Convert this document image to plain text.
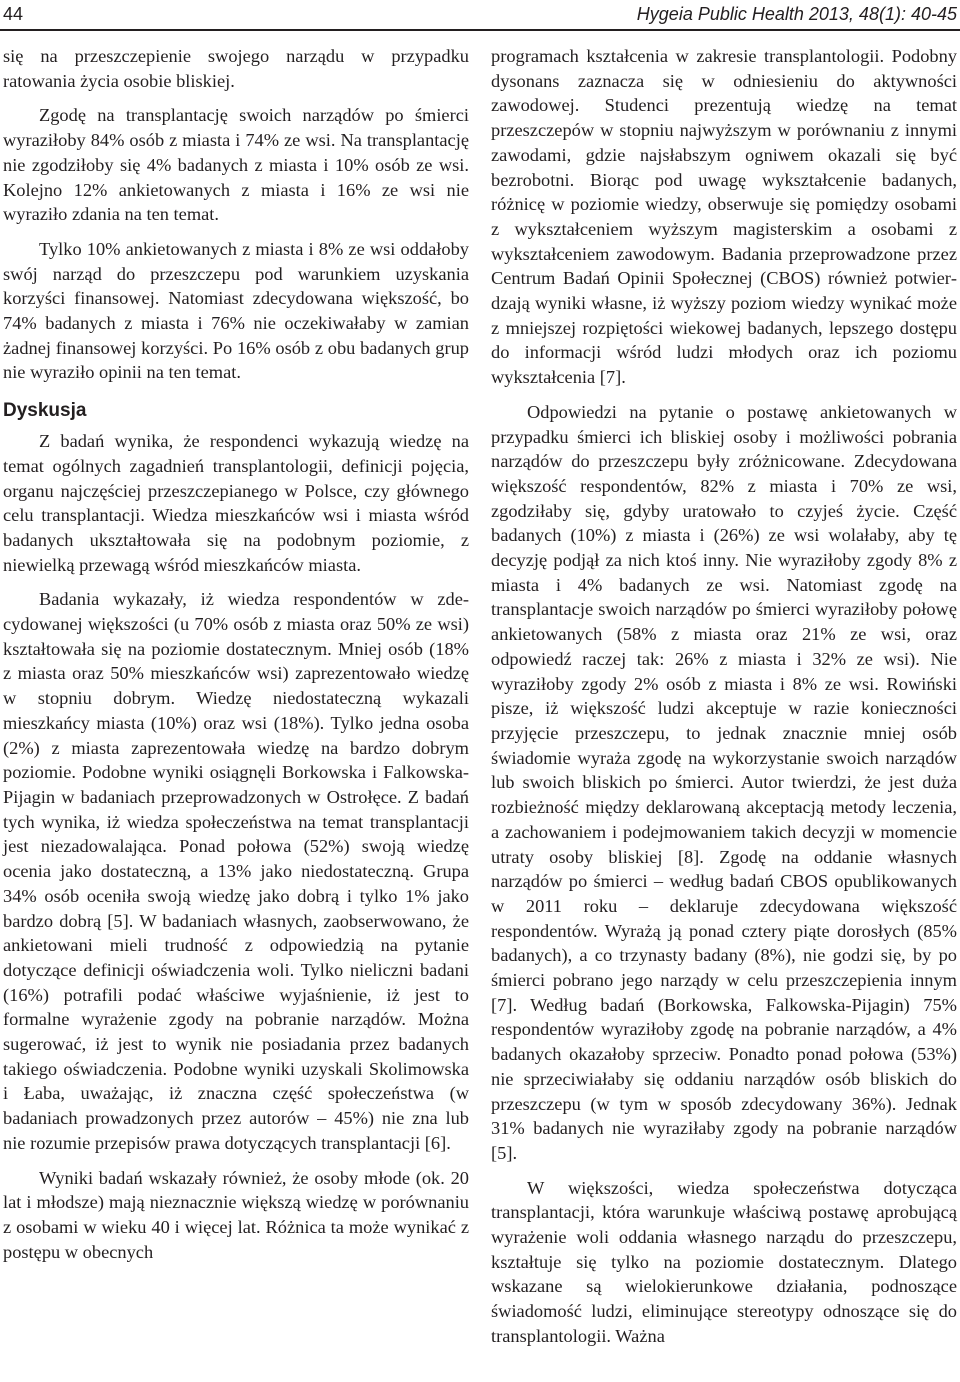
44	Hygeia Public Health 2013, 48(1): 40-45

się na przeszczepienie swojego narządu w przypadku ratowania życia osobie bliskiej.

Zgodę na transplantację swoich narządów po śmierci wyraziłoby 84% osób z miasta i 74% ze wsi. Na transplantację nie zgodziłoby się 4% badanych z miasta i 10% osób ze wsi. Kolejno 12% ankietowanych z miasta i 16% ze wsi nie wyraziło zdania na ten temat.

Tylko 10% ankietowanych z miasta i 8% ze wsi oddałoby swój narząd do przeszczepu pod warunkiem uzyskania korzyści finansowej. Natomiast zdecydowana większość, bo 74% badanych z miasta i 76% nie oczekiwałaby w zamian żadnej finansowej korzyści. Po 16% osób z obu badanych grup nie wyraziło opinii na ten temat.

Dyskusja

Z badań wynika, że respondenci wykazują wiedzę na temat ogólnych zagadnień transplantologii, definicji pojęcia, organu najczęściej przeszczepianego w Polsce, czy głównego celu transplantacji. Wiedza mieszkańców wsi i miasta wśród badanych ukształtowała się na podobnym poziomie, z niewielką przewagą wśród mieszkańców miasta.

Badania wykazały, iż wiedza respondentów w zdecydowanej większości (u 70% osób z miasta oraz 50% ze wsi) kształtowała się na poziomie dostatecznym. Mniej osób (18% z miasta oraz 50% mieszkańców wsi) zaprezentowało wiedzę w stopniu dobrym. Wiedzę niedostateczną wykazali mieszkańcy miasta (10%) oraz wsi (18%). Tylko jedna osoba (2%) z miasta zaprezentowała wiedzę na bardzo dobrym poziomie. Podobne wyniki osiągnęli Borkowska i Falkowska-Pijagin w badaniach przeprowadzonych w Ostrołęce. Z badań tych wynika, iż wiedza społeczeństwa na temat transplantacji jest niezadowalająca. Ponad połowa (52%) swoją wiedzę ocenia jako dostateczną, a 13% jako niedostateczną. Grupa 34% osób oceniła swoją wiedzę jako dobrą i tylko 1% jako bardzo dobrą [5]. W badaniach własnych, zaobserwowano, że ankietowani mieli trudność z odpowiedzią na pytanie dotyczące definicji oświadczenia woli. Tylko nieliczni badani (16%) potrafili podać właściwe wyjaśnienie, iż jest to formalne wyrażenie zgody na pobranie narządów. Można sugerować, iż jest to wynik nie posiadania przez badanych takiego oświadczenia. Podobne wyniki uzyskali Skolimowska i Łaba, uważając, iż znaczna część społeczeństwa (w badaniach prowadzonych przez autorów – 45%) nie zna lub nie rozumie przepisów prawa dotyczących transplantacji [6].

Wyniki badań wskazały również, że osoby młode (ok. 20 lat i młodsze) mają nieznacznie większą wiedzę w porównaniu z osobami w wieku 40 i więcej lat. Różnica ta może wynikać z postępu w obecnych

programach kształcenia w zakresie transplantologii. Podobny dysonans zaznacza się w odniesieniu do aktywności zawodowej. Studenci prezentują wiedzę na temat przeszczepów w stopniu najwyższym w porównaniu z innymi zawodami, gdzie najsłabszym ogniwem okazali się być bezrobotni. Biorąc pod uwagę wykształcenie badanych, różnicę w poziomie wiedzy, obserwuje się pomiędzy osobami z wykształceniem wyższym magisterskim a osobami z wykształceniem zawodowym. Badania przeprowadzone przez Centrum Badań Opinii Społecznej (CBOS) również potwierdzają wyniki własne, iż wyższy poziom wiedzy wynikać może z mniejszej rozpiętości wiekowej badanych, lepszego dostępu do informacji wśród ludzi młodych oraz ich poziomu wykształcenia [7].

Odpowiedzi na pytanie o postawę ankietowanych w przypadku śmierci ich bliskiej osoby i możliwości pobrania narządów do przeszczepu były zróżnicowane. Zdecydowana większość respondentów, 82% z miasta i 70% ze wsi, zgodziłaby się, gdyby uratowało to czyjeś życie. Część badanych (10%) z miasta i (26%) ze wsi wolałaby, aby tę decyzję podjął za nich ktoś inny. Nie wyraziłoby zgody 8% z miasta i 4% badanych ze wsi. Natomiast zgodę na transplantacje swoich narządów po śmierci wyraziłoby połowę ankietowanych (58% z miasta oraz 21% ze wsi, oraz odpowiedź raczej tak: 26% z miasta i 32% ze wsi). Nie wyraziłoby zgody 2% osób z miasta i 8% ze wsi. Rowiński pisze, iż większość ludzi akceptuje w razie konieczności przyjęcie przeszczepu, to jednak znacznie mniej osób świadomie wyraża zgodę na wykorzystanie swoich narządów lub swoich bliskich po śmierci. Autor twierdzi, że jest duża rozbieżność między deklarowaną akceptacją metody leczenia, a zachowaniem i podejmowaniem takich decyzji w momencie utraty osoby bliskiej [8]. Zgodę na oddanie własnych narządów po śmierci – według badań CBOS opublikowanych w 2011 roku – deklaruje zdecydowana większość respondentów. Wyrażą ją ponad cztery piąte dorosłych (85% badanych), a co trzynasty badany (8%), nie godzi się, by po śmierci pobrano jego narządy w celu przeszczepienia innym [7]. Według badań (Borkowska, Falkowska-Pijagin) 75% respondentów wyraziłoby zgodę na pobranie narządów, a 4% badanych okazałoby sprzeciw. Ponadto ponad połowa (53%) nie sprzeciwiałaby się oddaniu narządów osób bliskich do przeszczepu (w tym w sposób zdecydowany 36%). Jednak 31% badanych nie wyraziłaby zgody na pobranie narządów [5].

W większości, wiedza społeczeństwa dotycząca transplantacji, która warunkuje właściwą postawę aprobującą wyrażenie woli oddania własnego narządu do przeszczepu, kształtuje się tylko na poziomie dostatecznym. Dlatego wskazane są wielokierunkowe działania, podnoszące świadomość ludzi, eliminujące stereotypy odnoszące się do transplantologii. Ważna
